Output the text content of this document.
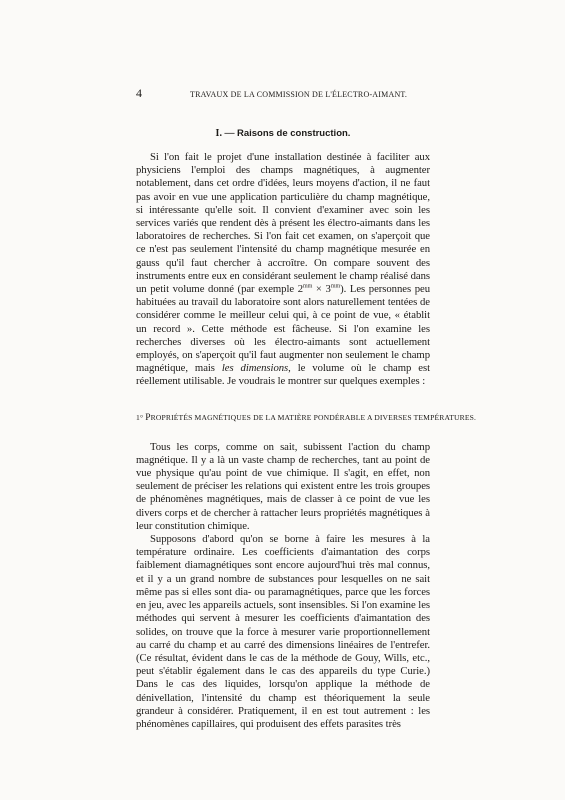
4	TRAVAUX DE LA COMMISSION DE L'ÉLECTRO-AIMANT.
I. — Raisons de construction.

Si l'on fait le projet d'une installation destinée à faciliter aux physiciens l'emploi des champs magnétiques, à augmenter notablement, dans cet ordre d'idées, leurs moyens d'action, il ne faut pas avoir en vue une application particulière du champ magnétique, si intéressante qu'elle soit. Il convient d'examiner avec soin les services variés que rendent dès à présent les électro-aimants dans les laboratoires de recherches. Si l'on fait cet examen, on s'aperçoit que ce n'est pas seulement l'intensité du champ magnétique mesurée en gauss qu'il faut chercher à accroître. On compare souvent des instruments entre eux en considérant seulement le champ réalisé dans un petit volume donné (par exemple $2^{mm} \times 3^{mm}$). Les personnes peu habituées au travail du laboratoire sont alors naturellement tentées de considérer comme le meilleur celui qui, à ce point de vue, « établit un record ». Cette méthode est fâcheuse. Si l'on examine les recherches diverses où les électro-aimants sont actuellement employés, on s'aperçoit qu'il faut augmenter non seulement le champ magnétique, mais les dimensions, le volume où le champ est réellement utilisable. Je voudrais le montrer sur quelques exemples :

1° PROPRIÉTÉS MAGNÉTIQUES DE LA MATIÈRE PONDÉRABLE A DIVERSES TEMPÉRATURES.

Tous les corps, comme on sait, subissent l'action du champ magnétique. Il y a là un vaste champ de recherches, tant au point de vue physique qu'au point de vue chimique. Il s'agit, en effet, non seulement de préciser les relations qui existent entre les trois groupes de phénomènes magnétiques, mais de classer à ce point de vue les divers corps et de chercher à rattacher leurs propriétés magnétiques à leur constitution chimique.

Supposons d'abord qu'on se borne à faire les mesures à la température ordinaire. Les coefficients d'aimantation des corps faiblement diamagnétiques sont encore aujourd'hui très mal connus, et il y a un grand nombre de substances pour lesquelles on ne sait même pas si elles sont dia- ou paramagnétiques, parce que les forces en jeu, avec les appareils actuels, sont insensibles. Si l'on examine les méthodes qui servent à mesurer les coefficients d'aimantation des solides, on trouve que la force à mesurer varie proportionnellement au carré du champ et au carré des dimensions linéaires de l'entrefer. (Ce résultat, évident dans le cas de la méthode de Gouy, Wills, etc., peut s'établir également dans le cas des appareils du type Curie.) Dans le cas des liquides, lorsqu'on applique la méthode de dénivellation, l'intensité du champ est théoriquement la seule grandeur à considérer. Pratiquement, il en est tout autrement : les phénomènes capillaires, qui produisent des effets parasites très
